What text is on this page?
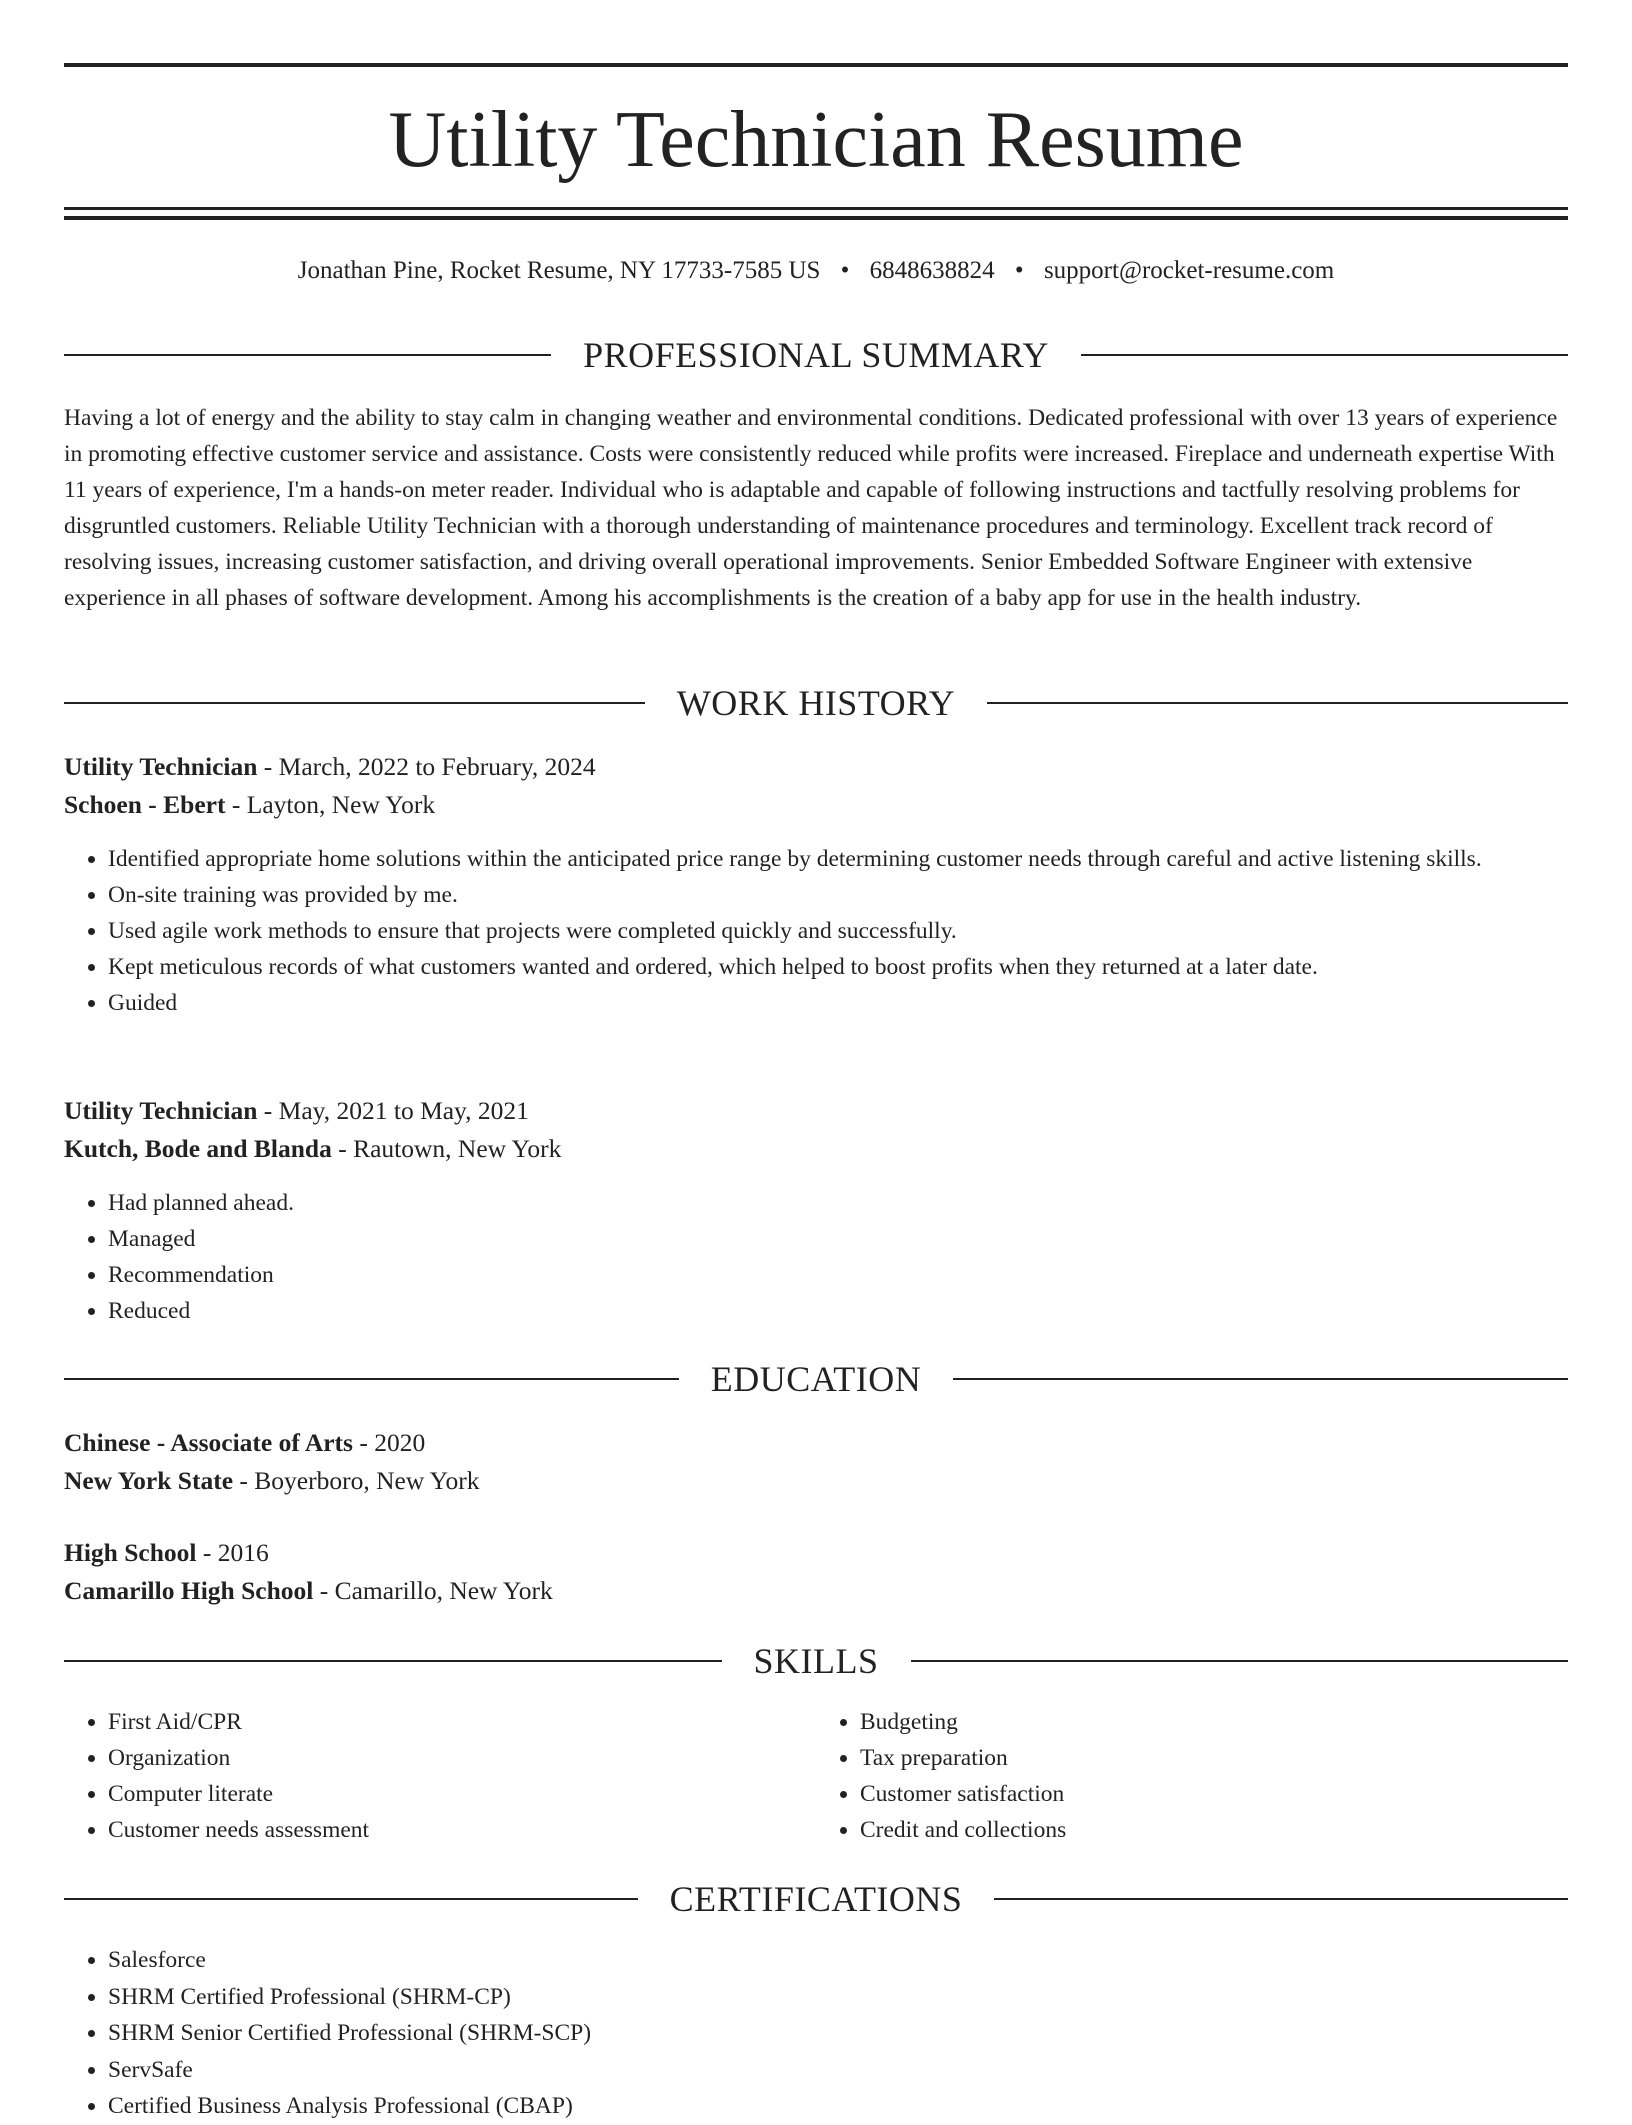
Utility Technician Resume
Jonathan Pine, Rocket Resume, NY 17733-7585 US • 6848638824 • support@rocket-resume.com
PROFESSIONAL SUMMARY

Having a lot of energy and the ability to stay calm in changing weather and environmental conditions. Dedicated professional with over 13 years of experience in promoting effective customer service and assistance. Costs were consistently reduced while profits were increased. Fireplace and underneath expertise With 11 years of experience, I'm a hands-on meter reader. Individual who is adaptable and capable of following instructions and tactfully resolving problems for disgruntled customers. Reliable Utility Technician with a thorough understanding of maintenance procedures and terminology. Excellent track record of resolving issues, increasing customer satisfaction, and driving overall operational improvements. Senior Embedded Software Engineer with extensive experience in all phases of software development. Among his accomplishments is the creation of a baby app for use in the health industry.

WORK HISTORY
Utility Technician - March, 2022 to February, 2024
Schoen - Ebert - Layton, New York
• Identified appropriate home solutions within the anticipated price range by determining customer needs through careful and active listening skills.
• On-site training was provided by me.
• Used agile work methods to ensure that projects were completed quickly and successfully.
• Kept meticulous records of what customers wanted and ordered, which helped to boost profits when they returned at a later date.
• Guided
Utility Technician - May, 2021 to May, 2021
Kutch, Bode and Blanda - Rautown, New York
• Had planned ahead.
• Managed
• Recommendation
• Reduced
EDUCATION
Chinese - Associate of Arts - 2020
New York State - Boyerboro, New York
High School - 2016
Camarillo High School - Camarillo, New York
SKILLS
• First Aid/CPR
• Organization
• Computer literate
• Customer needs assessment
• Budgeting
• Tax preparation
• Customer satisfaction
• Credit and collections
CERTIFICATIONS
• Salesforce
• SHRM Certified Professional (SHRM-CP)
• SHRM Senior Certified Professional (SHRM-SCP)
• ServSafe
• Certified Business Analysis Professional (CBAP)
